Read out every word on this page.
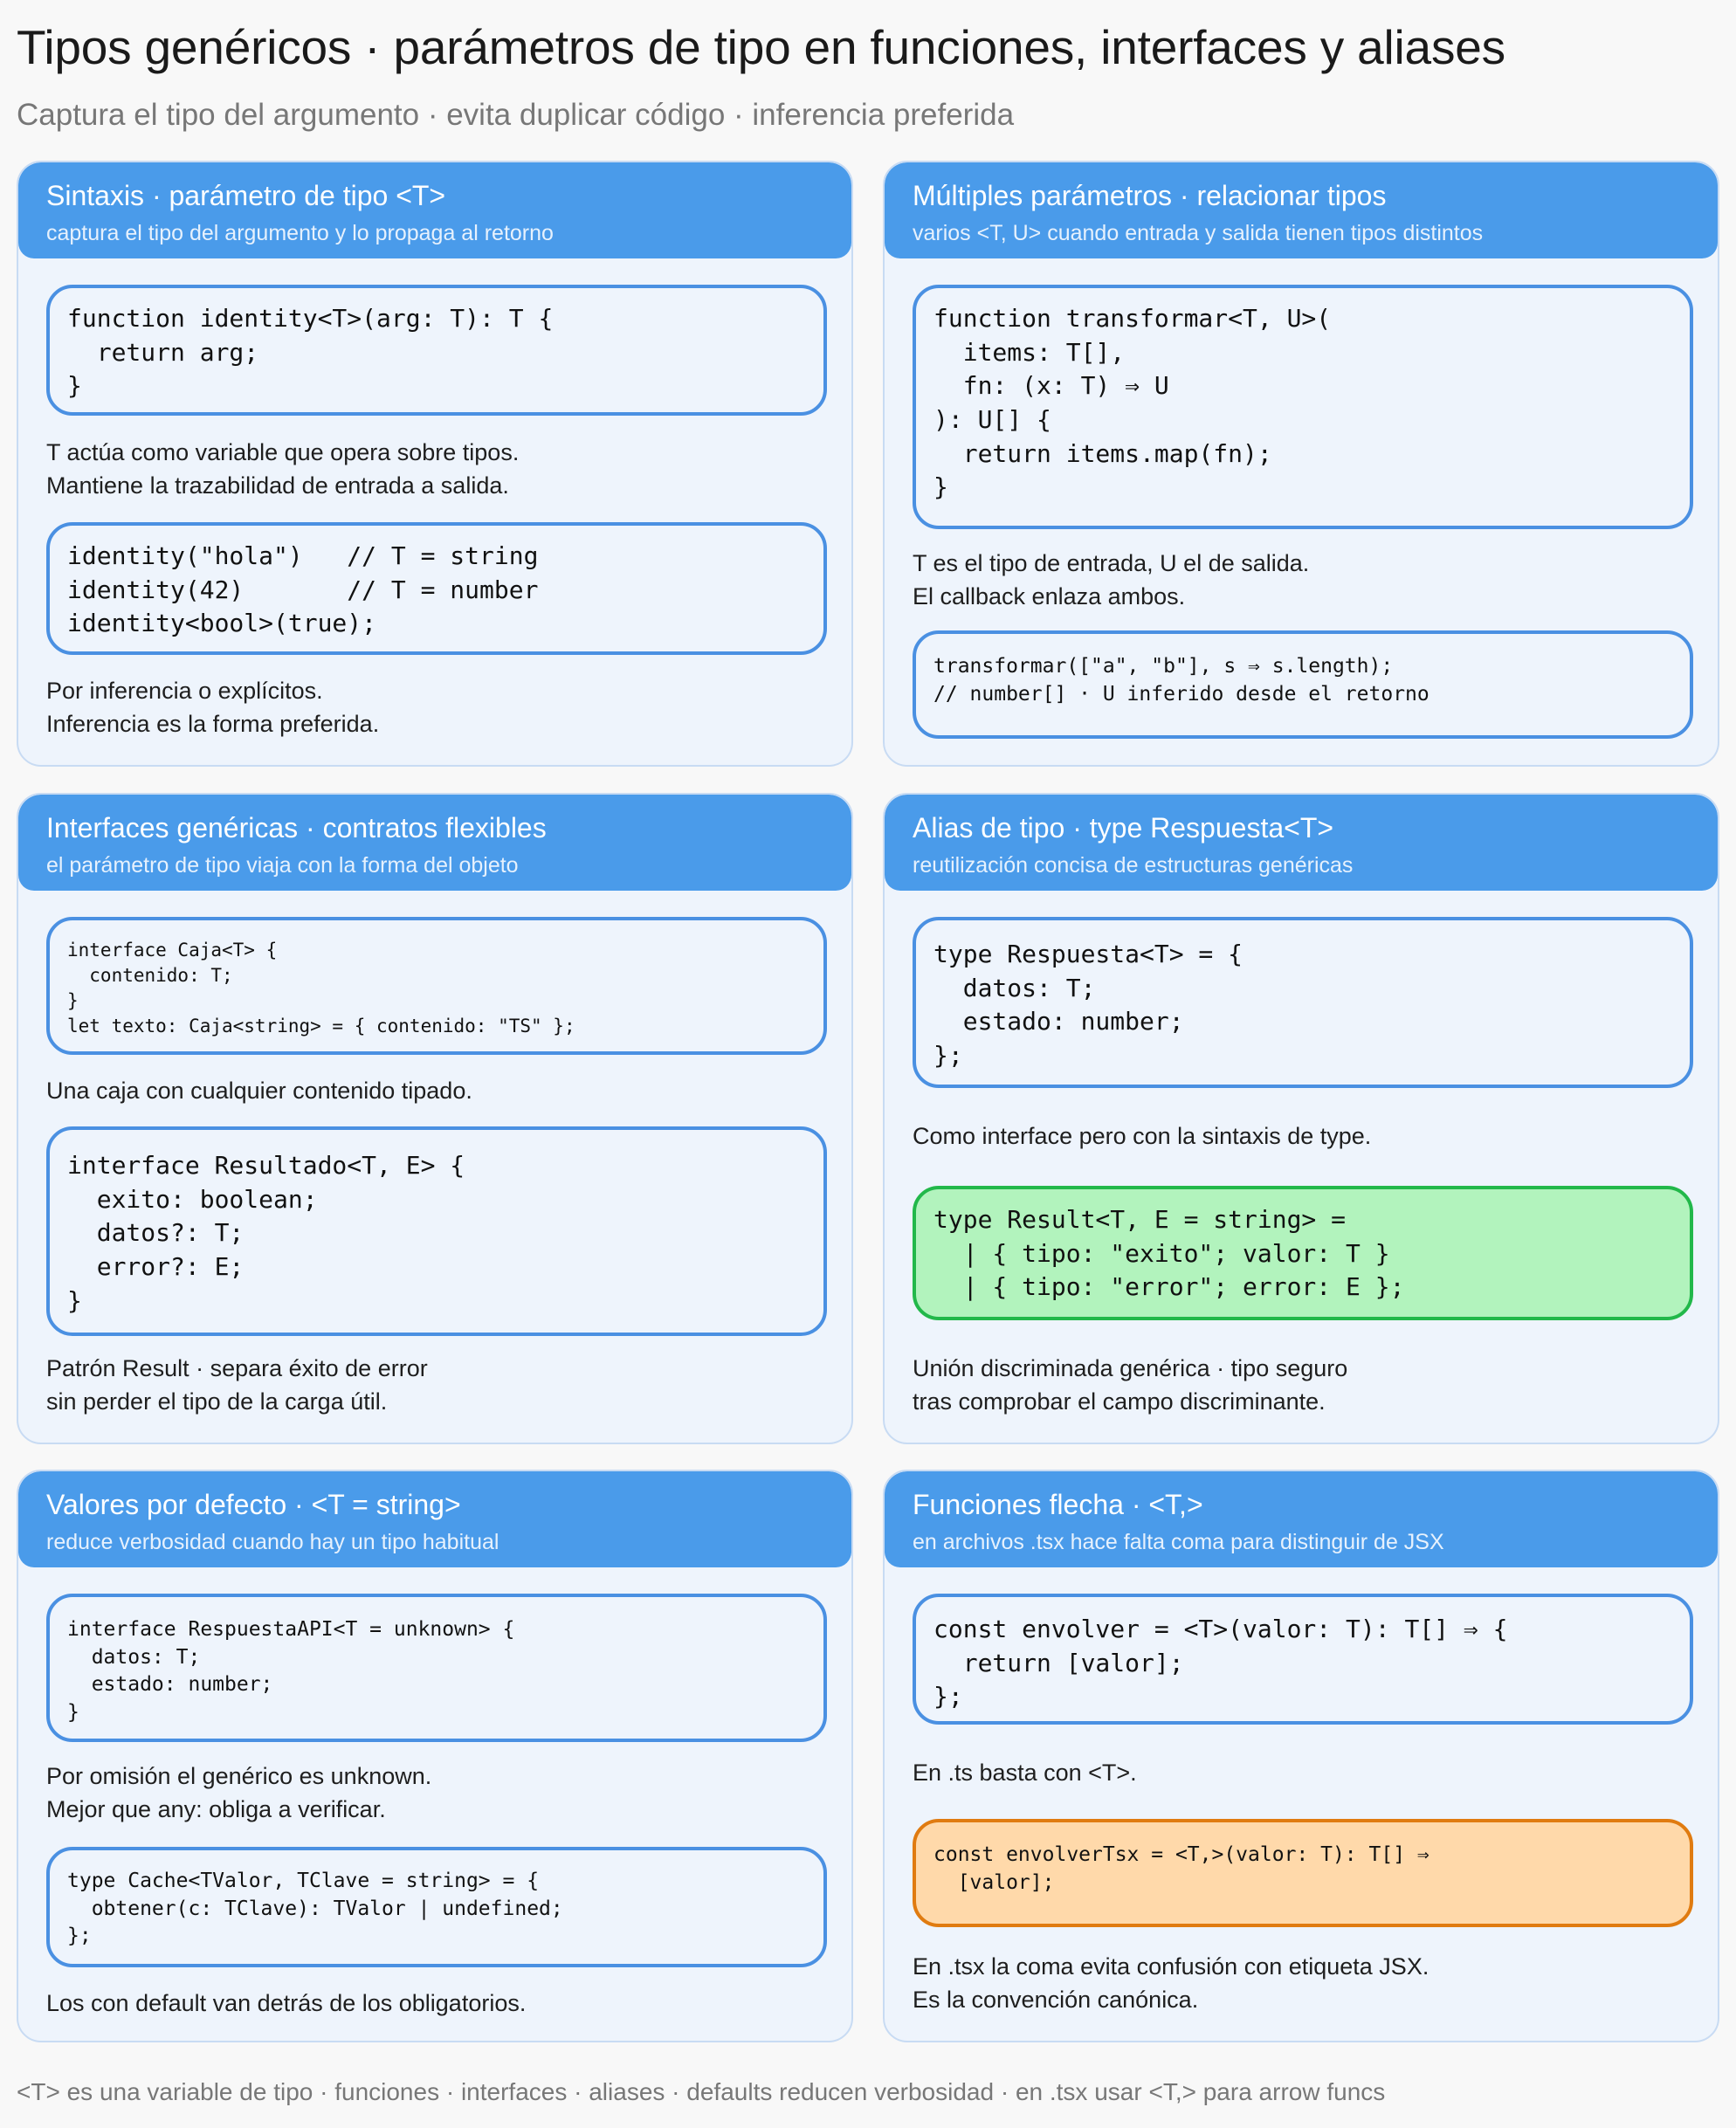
Tipos genéricos · parámetros de tipo en funciones, interfaces y aliases
Captura el tipo del argumento · evita duplicar código · inferencia preferida
Sintaxis · parámetro de tipo <T>
captura el tipo del argumento y lo propaga al retorno
function identity<T>(arg: T): T {
return arg;
}
T actúa como variable que opera sobre tipos.
Mantiene la trazabilidad de entrada a salida.
identity("hola")   // T = string
identity(42)       // T = number
identity<bool>(true);
Por inferencia o explícitos.
Inferencia es la forma preferida.
Múltiples parámetros · relacionar tipos
varios <T, U> cuando entrada y salida tienen tipos distintos
function transformar<T, U>(
items: T[],
fn: (x: T) ⇒ U
): U[] {
return items.map(fn);
}
T es el tipo de entrada, U el de salida.
El callback enlaza ambos.
transformar(["a", "b"], s ⇒ s.length);
// number[] · U inferido desde el retorno
Interfaces genéricas · contratos flexibles
el parámetro de tipo viaja con la forma del objeto
interface Caja<T> {
contenido: T;
}
let texto: Caja<string> = { contenido: "TS" };
Una caja con cualquier contenido tipado.
interface Resultado<T, E> {
exito: boolean;
datos?: T;
error?: E;
}
Patrón Result · separa éxito de error
sin perder el tipo de la carga útil.
Alias de tipo · type Respuesta<T>
reutilización concisa de estructuras genéricas
type Respuesta<T> = {
datos: T;
estado: number;
};
Como interface pero con la sintaxis de type.
type Result<T, E = string> =
| { tipo: "exito"; valor: T }
| { tipo: "error"; error: E };
Unión discriminada genérica · tipo seguro
tras comprobar el campo discriminante.
Valores por defecto · <T = string>
reduce verbosidad cuando hay un tipo habitual
interface RespuestaAPI<T = unknown> {
datos: T;
estado: number;
}
Por omisión el genérico es unknown.
Mejor que any: obliga a verificar.
type Cache<TValor, TClave = string> = {
obtener(c: TClave): TValor | undefined;
};
Los con default van detrás de los obligatorios.
Funciones flecha · <T,>
en archivos .tsx hace falta coma para distinguir de JSX
const envolver = <T>(valor: T): T[] ⇒ {
return [valor];
};
En .ts basta con <T>.
const envolverTsx = <T,>(valor: T): T[] ⇒
[valor];
En .tsx la coma evita confusión con etiqueta JSX.
Es la convención canónica.
<T> es una variable de tipo · funciones · interfaces · aliases · defaults reducen verbosidad · en .tsx usar <T,> para arrow funcs
